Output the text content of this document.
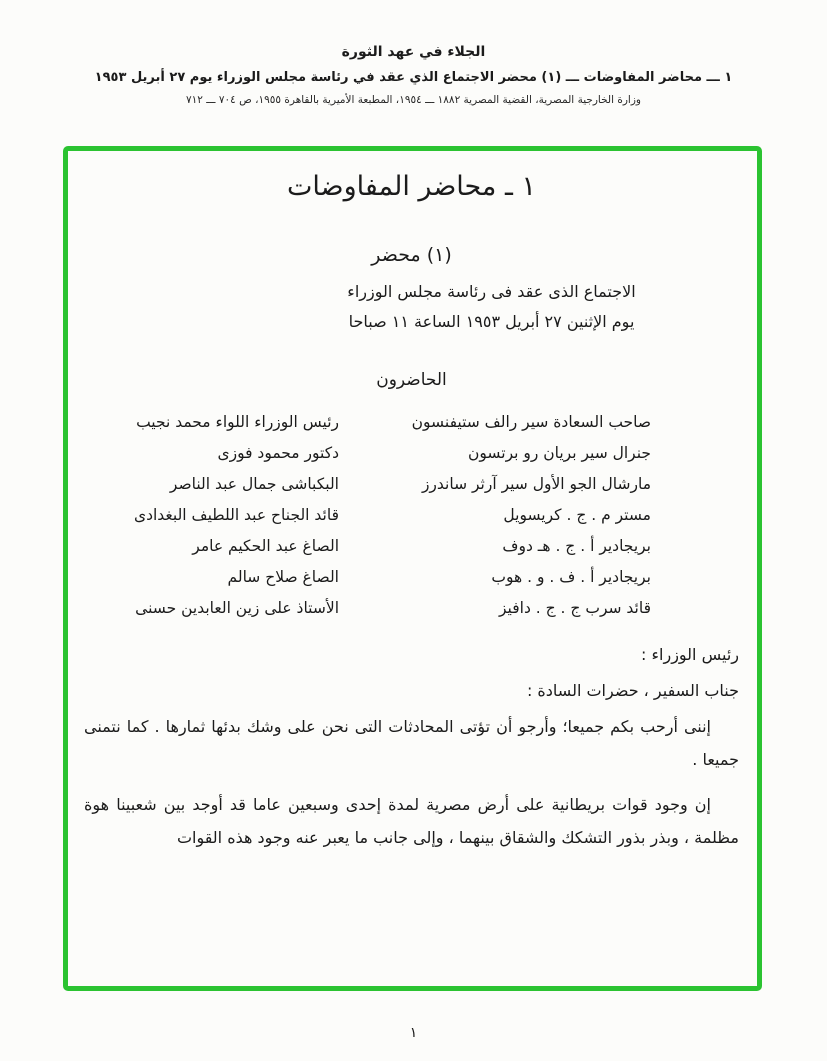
الجلاء في عهد الثورة
١ ـــ محاضر المفاوضات ـــ (١) محضر الاجتماع الذي عقد في رئاسة مجلس الوزراء يوم ٢٧ أبريل ١٩٥٣
وزارة الخارجية المصرية، القضية المصرية ١٨٨٢ ـــ ١٩٥٤، المطبعة الأميرية بالقاهرة ١٩٥٥، ص ٧٠٤ ـــ ٧١٢
١ ـ محاضر المفاوضات
(١) محضر
الاجتماع الذى عقد فى رئاسة مجلس الوزراء
يوم الإثنين ٢٧ أبريل ١٩٥٣ الساعة ١١ صباحا
الحاضرون
صاحب السعادة سير رالف ستيفنسون
رئيس الوزراء اللواء محمد نجيب
جنرال سير بريان رو برتسون
دكتور محمود فوزى
مارشال الجو الأول سير آرثر ساندرز
البكباشى جمال عبد الناصر
مستر م . ج . كريسويل
قائد الجناح عبد اللطيف البغدادى
بريجادير أ . ج . هـ دوف
الصاغ عبد الحكيم عامر
بريجادير أ . ف . و . هوب
الصاغ صلاح سالم
قائد سرب ج . ج . دافيز
الأستاذ على زين العابدين حسنى
رئيس الوزراء :
جناب السفير ، حضرات السادة :

إننى أرحب بكم جميعا؛ وأرجو أن تؤتى المحادثات التى نحن على وشك بدئها ثمارها . كما نتمنى جميعا .

إن وجود قوات بريطانية على أرض مصرية لمدة إحدى وسبعين عاما قد أوجد بين شعبينا هوة مظلمة ، وبذر بذور التشكك والشقاق بينهما ، وإلى جانب ما يعبر عنه وجود هذه القوات

١
